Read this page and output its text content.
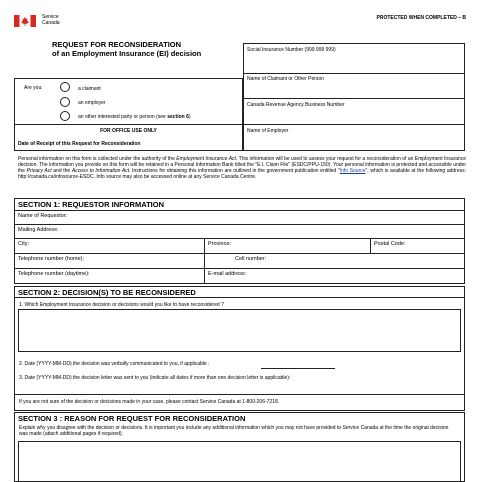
Service
Canada
PROTECTED WHEN COMPLETED – B
REQUEST FOR RECONSIDERATION
of an Employment Insurance (EI) decision	Social Insurance Number (999 999 999)
Name of Claimant or Other Person
Canada Revenue Agency Business Number
Name of Employer
Are you:	a claimant
an employer
an other interested party or person (see section 6)
FOR OFFICE USE ONLY
Date of Receipt of this Request for Reconsideration
Personal information on this form is collected under the authority of the Employment Insurance Act. This information will be used to assess your request for a reconsideration of an Employment Insurance decision. The information you provide on this form will be retained in a Personal Information Bank titled the "E.I. Claim File" (ESDC/PPU-150). Your personal information is protected and accessible under the Privacy Act and the Access to Information Act. Instructions for obtaining this information are outlined in the government publication entitled "Info Source", which is available at the following address: http://canada.ca/infosource-ESDC. Info source may also be accessed online at any Service Canada Centre.
SECTION 1: REQUESTOR INFORMATION
Name of Requestor:
Mailing Address:
City:	Province:	Postal Code:
Telephone number (home):	Cell number:
Telephone number (daytime):	E-mail address:
SECTION 2: DECISION(S) TO BE RECONSIDERED
1. Which Employment Insurance decision or decisions would you like to have reconsidered ?
2. Date (YYYY-MM-DD) the decision was verbally communicated to you, if applicable :
3. Date (YYYY-MM-DD) the decision letter was sent to you (indicate all dates if more than one decision letter is applicable):
If you are not sure of the decision or decisions made in your case, please contact Service Canada at 1-800-206-7218.
SECTION 3 : REASON FOR REQUEST FOR RECONSIDERATION
Explain why you disagree with the decision or decisions. It is important you include any additional information which you may not have provided to Service Canada at the time the original decision was made (attach additional pages if required).
